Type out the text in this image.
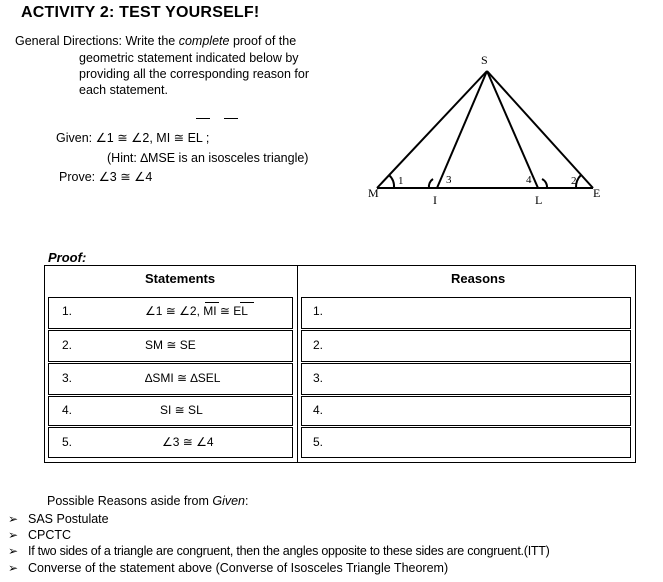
ACTIVITY 2: TEST YOURSELF!
General Directions: Write the complete proof of the
geometric statement indicated below by
providing all the corresponding reason for
each statement.
Given: ∠1 ≅ ∠2, MI ≅ EL ;
(Hint: ∆MSE is an isosceles triangle)
Prove: ∠3 ≅ ∠4
S
M	I	L	E
1	3	4	2
Proof:
Statements	Reasons
1.	∠1 ≅ ∠2, MI ≅ EL	1.
2.	SM ≅ SE	2.
3.	∆SMI ≅ ∆SEL	3.
4.	SI ≅ SL	4.
5.	∠3 ≅ ∠4	5.
Possible Reasons aside from Given:
➢ SAS Postulate
➢ CPCTC
➢ If two sides of a triangle are congruent, then the angles opposite to these sides are congruent.(ITT)
➢ Converse of the statement above (Converse of Isosceles Triangle Theorem)
